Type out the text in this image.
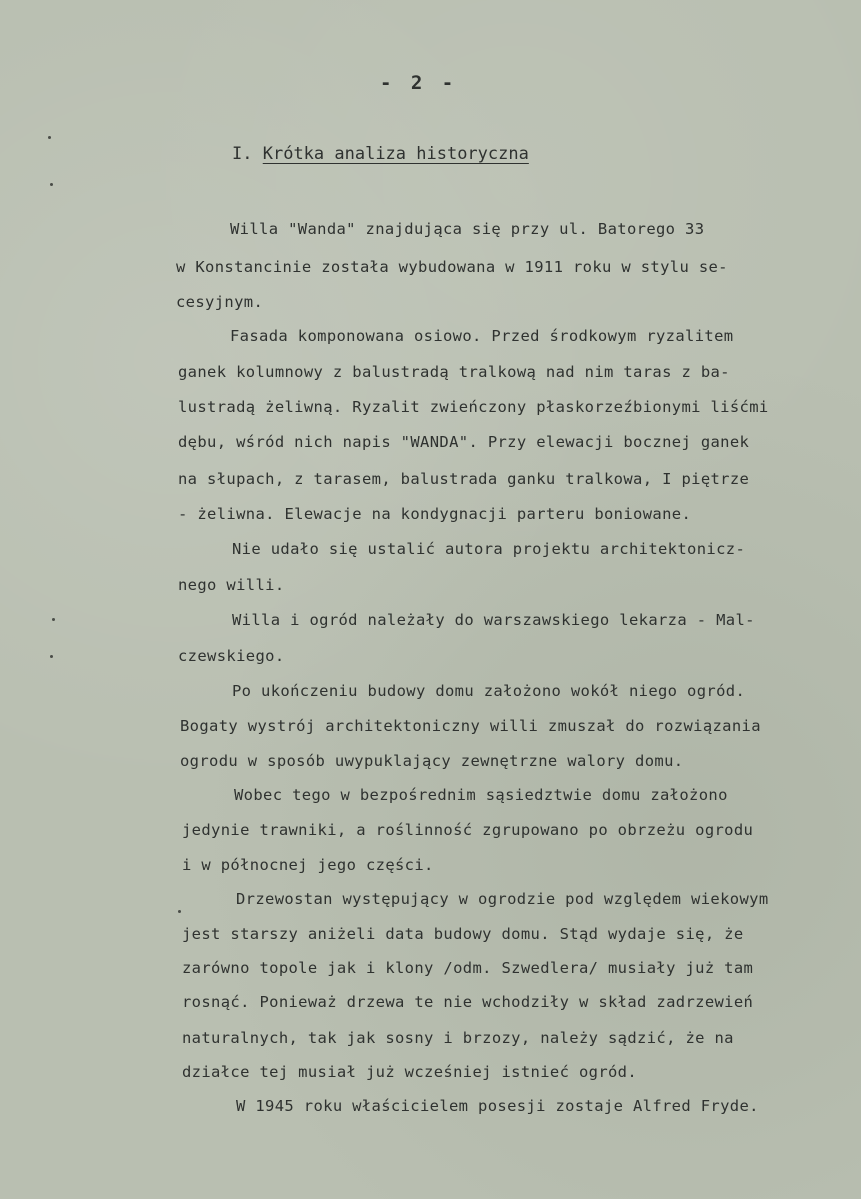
- 2 -
I. Krótka analiza historyczna
Willa "Wanda" znajdująca się przy ul. Batorego 33
w Konstancinie została wybudowana w 1911 roku w stylu se-
cesyjnym.
Fasada komponowana osiowo. Przed środkowym ryzalitem
ganek kolumnowy z balustradą tralkową nad nim taras z ba-
lustradą żeliwną. Ryzalit zwieńczony płaskorzeźbionymi liśćmi
dębu, wśród nich napis "WANDA". Przy elewacji bocznej ganek
na słupach, z tarasem, balustrada ganku tralkowa, I piętrze
- żeliwna. Elewacje na kondygnacji parteru boniowane.
Nie udało się ustalić autora projektu architektonicz-
nego willi.
Willa i ogród należały do warszawskiego lekarza - Mal-
czewskiego.
Po ukończeniu budowy domu założono wokół niego ogród.
Bogaty wystrój architektoniczny willi zmuszał do rozwiązania
ogrodu w sposób uwypuklający zewnętrzne walory domu.
Wobec tego w bezpośrednim sąsiedztwie domu założono
jedynie trawniki, a roślinność zgrupowano po obrzeżu ogrodu
i w północnej jego części.
Drzewostan występujący w ogrodzie pod względem wiekowym
jest starszy aniżeli data budowy domu. Stąd wydaje się, że
zarówno topole jak i klony /odm. Szwedlera/ musiały już tam
rosnąć. Ponieważ drzewa te nie wchodziły w skład zadrzewień
naturalnych, tak jak sosny i brzozy, należy sądzić, że na
działce tej musiał już wcześniej istnieć ogród.
W 1945 roku właścicielem posesji zostaje Alfred Fryde.
